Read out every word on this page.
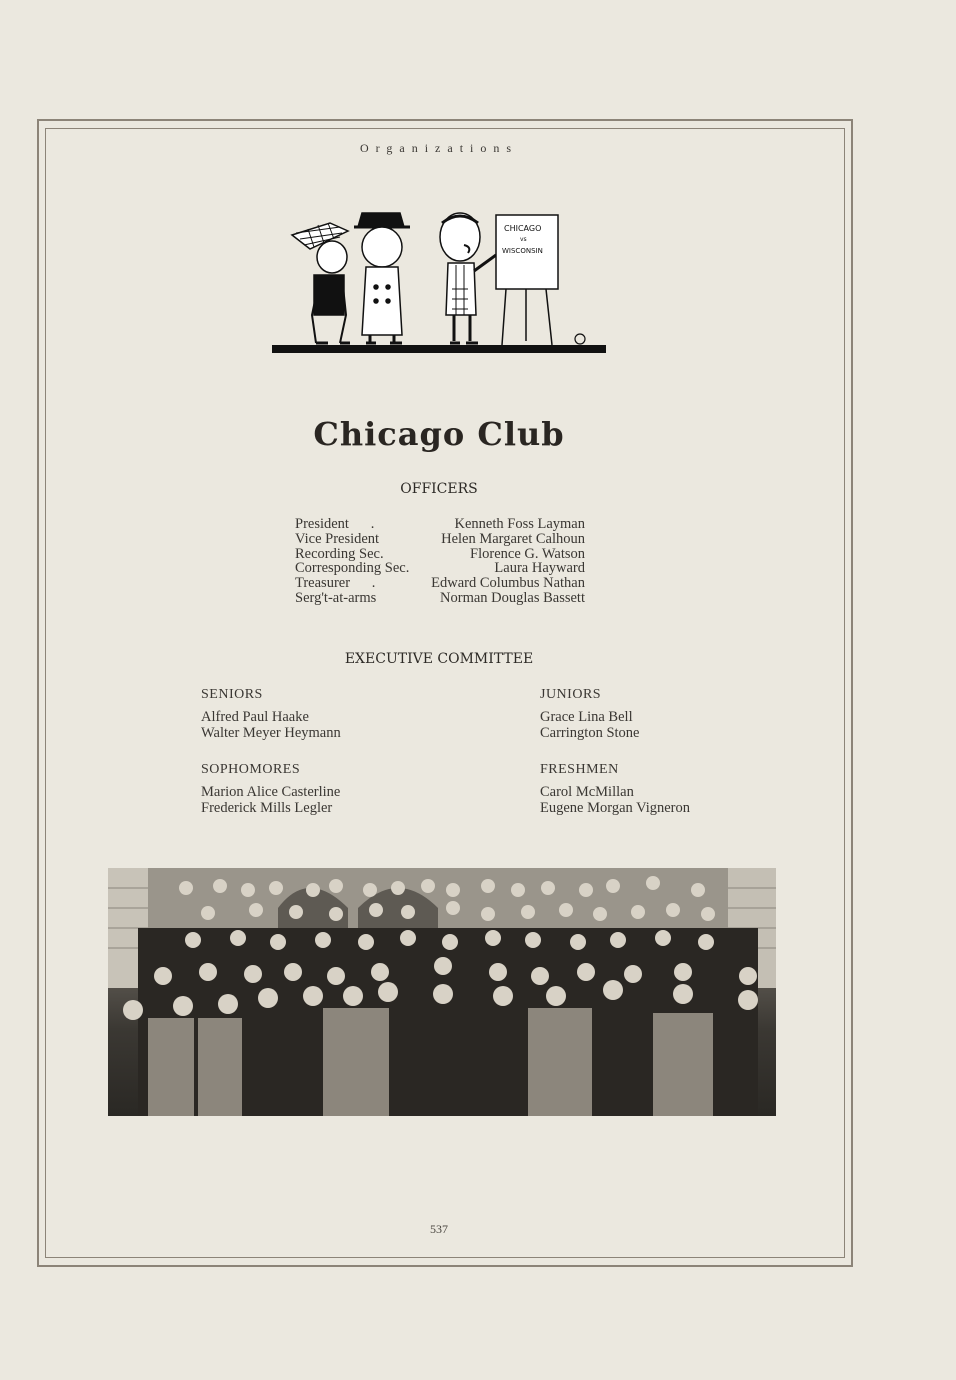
Organizations
CHICAGO
vs
WISCONSIN
Chicago Club
OFFICERS
President      .	Kenneth Foss Layman
Vice President	Helen Margaret Calhoun
Recording Sec.	Florence G. Watson
Corresponding Sec.	Laura Hayward
Treasurer      .	Edward Columbus Nathan
Serg't-at-arms	Norman Douglas Bassett
EXECUTIVE COMMITTEE
SENIORS
Alfred Paul Haake
Walter Meyer Heymann
JUNIORS
Grace Lina Bell
Carrington Stone
SOPHOMORES
Marion Alice Casterline
Frederick Mills Legler
FRESHMEN
Carol McMillan
Eugene Morgan Vigneron
537
